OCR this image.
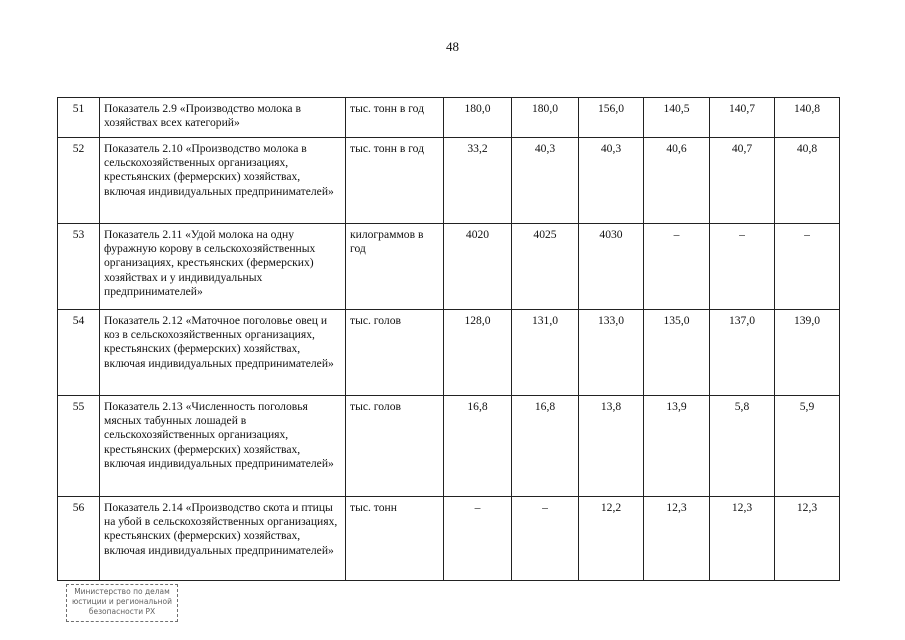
48
51	Показатель 2.9 «Производство молока в хозяйствах всех категорий»	тыс. тонн в год	180,0	180,0	156,0	140,5	140,7	140,8
52	Показатель 2.10 «Производство молока в сельскохозяйственных организациях, крестьянских (фермерских) хозяйствах, включая индивидуальных предпринимателей»	тыс. тонн в год	33,2	40,3	40,3	40,6	40,7	40,8
53	Показатель 2.11 «Удой молока на одну фуражную корову в сельскохозяйственных организациях, крестьянских (фермерских) хозяйствах и у индивидуальных предпринимателей»	килограммов в год	4020	4025	4030	–	–	–
54	Показатель 2.12 «Маточное поголовье овец и коз в сельскохозяйственных организациях, крестьянских (фермерских) хозяйствах, включая индивидуальных предпринимателей»	тыс. голов	128,0	131,0	133,0	135,0	137,0	139,0
55	Показатель 2.13 «Численность поголовья мясных табунных лошадей в сельскохозяйственных организациях, крестьянских (фермерских) хозяйствах, включая индивидуальных предпринимателей»	тыс. голов	16,8	16,8	13,8	13,9	5,8	5,9
56	Показатель 2.14 «Производство скота и птицы на убой в сельскохозяйственных организациях, крестьянских (фермерских) хозяйствах, включая индивидуальных предпринимателей»	тыс. тонн	–	–	12,2	12,3	12,3	12,3
Министерство по делам
юстиции и региональной
безопасности РХ
